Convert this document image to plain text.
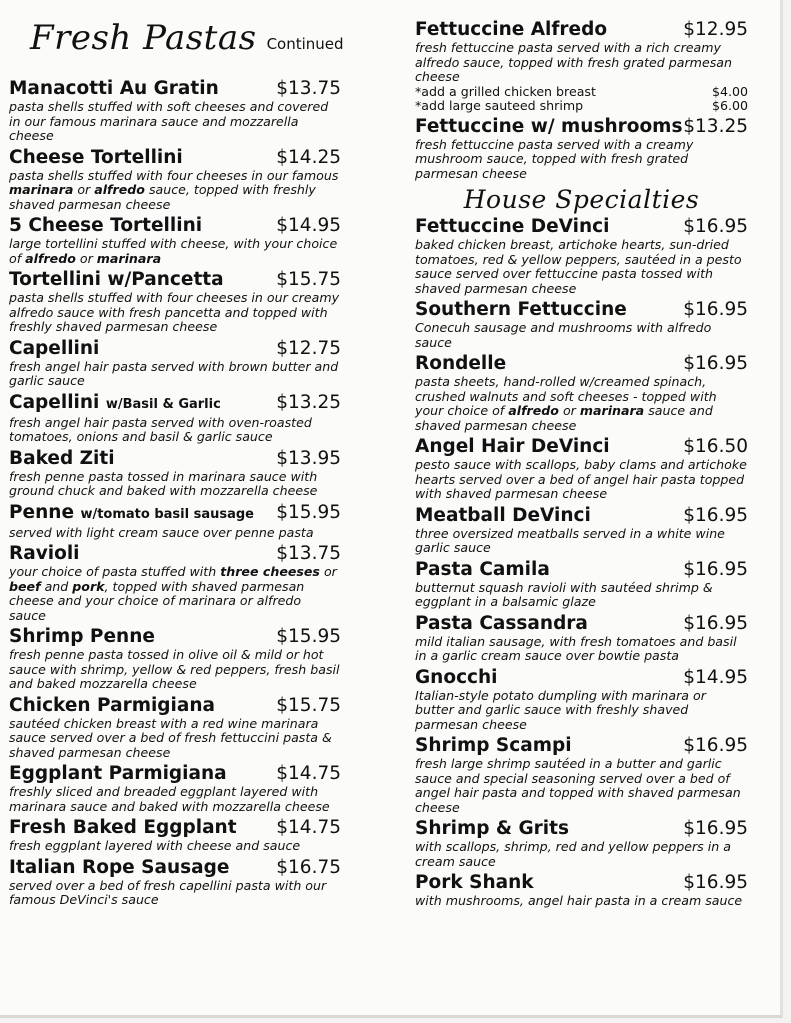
Fresh Pastas Continued
Manacotti Au Gratin	$13.75
pasta shells stuffed with soft cheeses and covered in our famous marinara sauce and mozzarella cheese
Cheese Tortellini	$14.25
pasta shells stuffed with four cheeses in our famous marinara or alfredo sauce, topped with freshly shaved parmesan cheese
5 Cheese Tortellini	$14.95
large tortellini stuffed with cheese, with your choice of alfredo or marinara
Tortellini w/Pancetta	$15.75
pasta shells stuffed with four cheeses in our creamy alfredo sauce with fresh pancetta and topped with freshly shaved parmesan cheese
Capellini	$12.75
fresh angel hair pasta served with brown butter and garlic sauce
Capellini w/Basil & Garlic	$13.25
fresh angel hair pasta served with oven-roasted tomatoes, onions and basil & garlic sauce
Baked Ziti	$13.95
fresh penne pasta tossed in marinara sauce with ground chuck and baked with mozzarella cheese
Penne w/tomato basil sausage $15.95
served with light cream sauce over penne pasta
Ravioli	$13.75
your choice of pasta stuffed with three cheeses or beef and pork, topped with shaved parmesan cheese and your choice of marinara or alfredo sauce
Shrimp Penne	$15.95
fresh penne pasta tossed in olive oil & mild or hot sauce with shrimp, yellow & red peppers, fresh basil and baked mozzarella cheese
Chicken Parmigiana	$15.75
sautéed chicken breast with a red wine marinara sauce served over a bed of fresh fettuccini pasta & shaved parmesan cheese
Eggplant Parmigiana	$14.75
freshly sliced and breaded eggplant layered with marinara sauce and baked with mozzarella cheese
Fresh Baked Eggplant $14.75
fresh eggplant layered with cheese and sauce
Italian Rope Sausage	$16.75
served over a bed of fresh capellini pasta with our famous DeVinci's sauce
Fettuccine Alfredo	$12.95
fresh fettuccine pasta served with a rich creamy alfredo sauce, topped with fresh grated parmesan cheese
*add a grilled chicken breast	$4.00
*add large sauteed shrimp	$6.00
Fettuccine w/ mushrooms $13.25
fresh fettuccine pasta served with a creamy mushroom sauce, topped with fresh grated parmesan cheese
House Specialties
Fettuccine DeVinci	$16.95
baked chicken breast, artichoke hearts, sun-dried tomatoes, red & yellow peppers, sautéed in a pesto sauce served over fettuccine pasta tossed with shaved parmesan cheese
Southern Fettuccine	$16.95
Conecuh sausage and mushrooms with alfredo sauce
Rondelle	$16.95
pasta sheets, hand-rolled w/creamed spinach, crushed walnuts and soft cheeses - topped with your choice of alfredo or marinara sauce and shaved parmesan cheese
Angel Hair DeVinci	$16.50
pesto sauce with scallops, baby clams and artichoke hearts served over a bed of angel hair pasta topped with shaved parmesan cheese
Meatball DeVinci	$16.95
three oversized meatballs served in a white wine garlic sauce
Pasta Camila	$16.95
butternut squash ravioli with sautéed shrimp & eggplant in a balsamic glaze
Pasta Cassandra	$16.95
mild italian sausage, with fresh tomatoes and basil in a garlic cream sauce over bowtie pasta
Gnocchi	$14.95
Italian-style potato dumpling with marinara or butter and garlic sauce with freshly shaved parmesan cheese
Shrimp Scampi	$16.95
fresh large shrimp sautéed in a butter and garlic sauce and special seasoning served over a bed of angel hair pasta and topped with shaved parmesan cheese
Shrimp & Grits	$16.95
with scallops, shrimp, red and yellow peppers in a cream sauce
Pork Shank	$16.95
with mushrooms, angel hair pasta in a cream sauce
